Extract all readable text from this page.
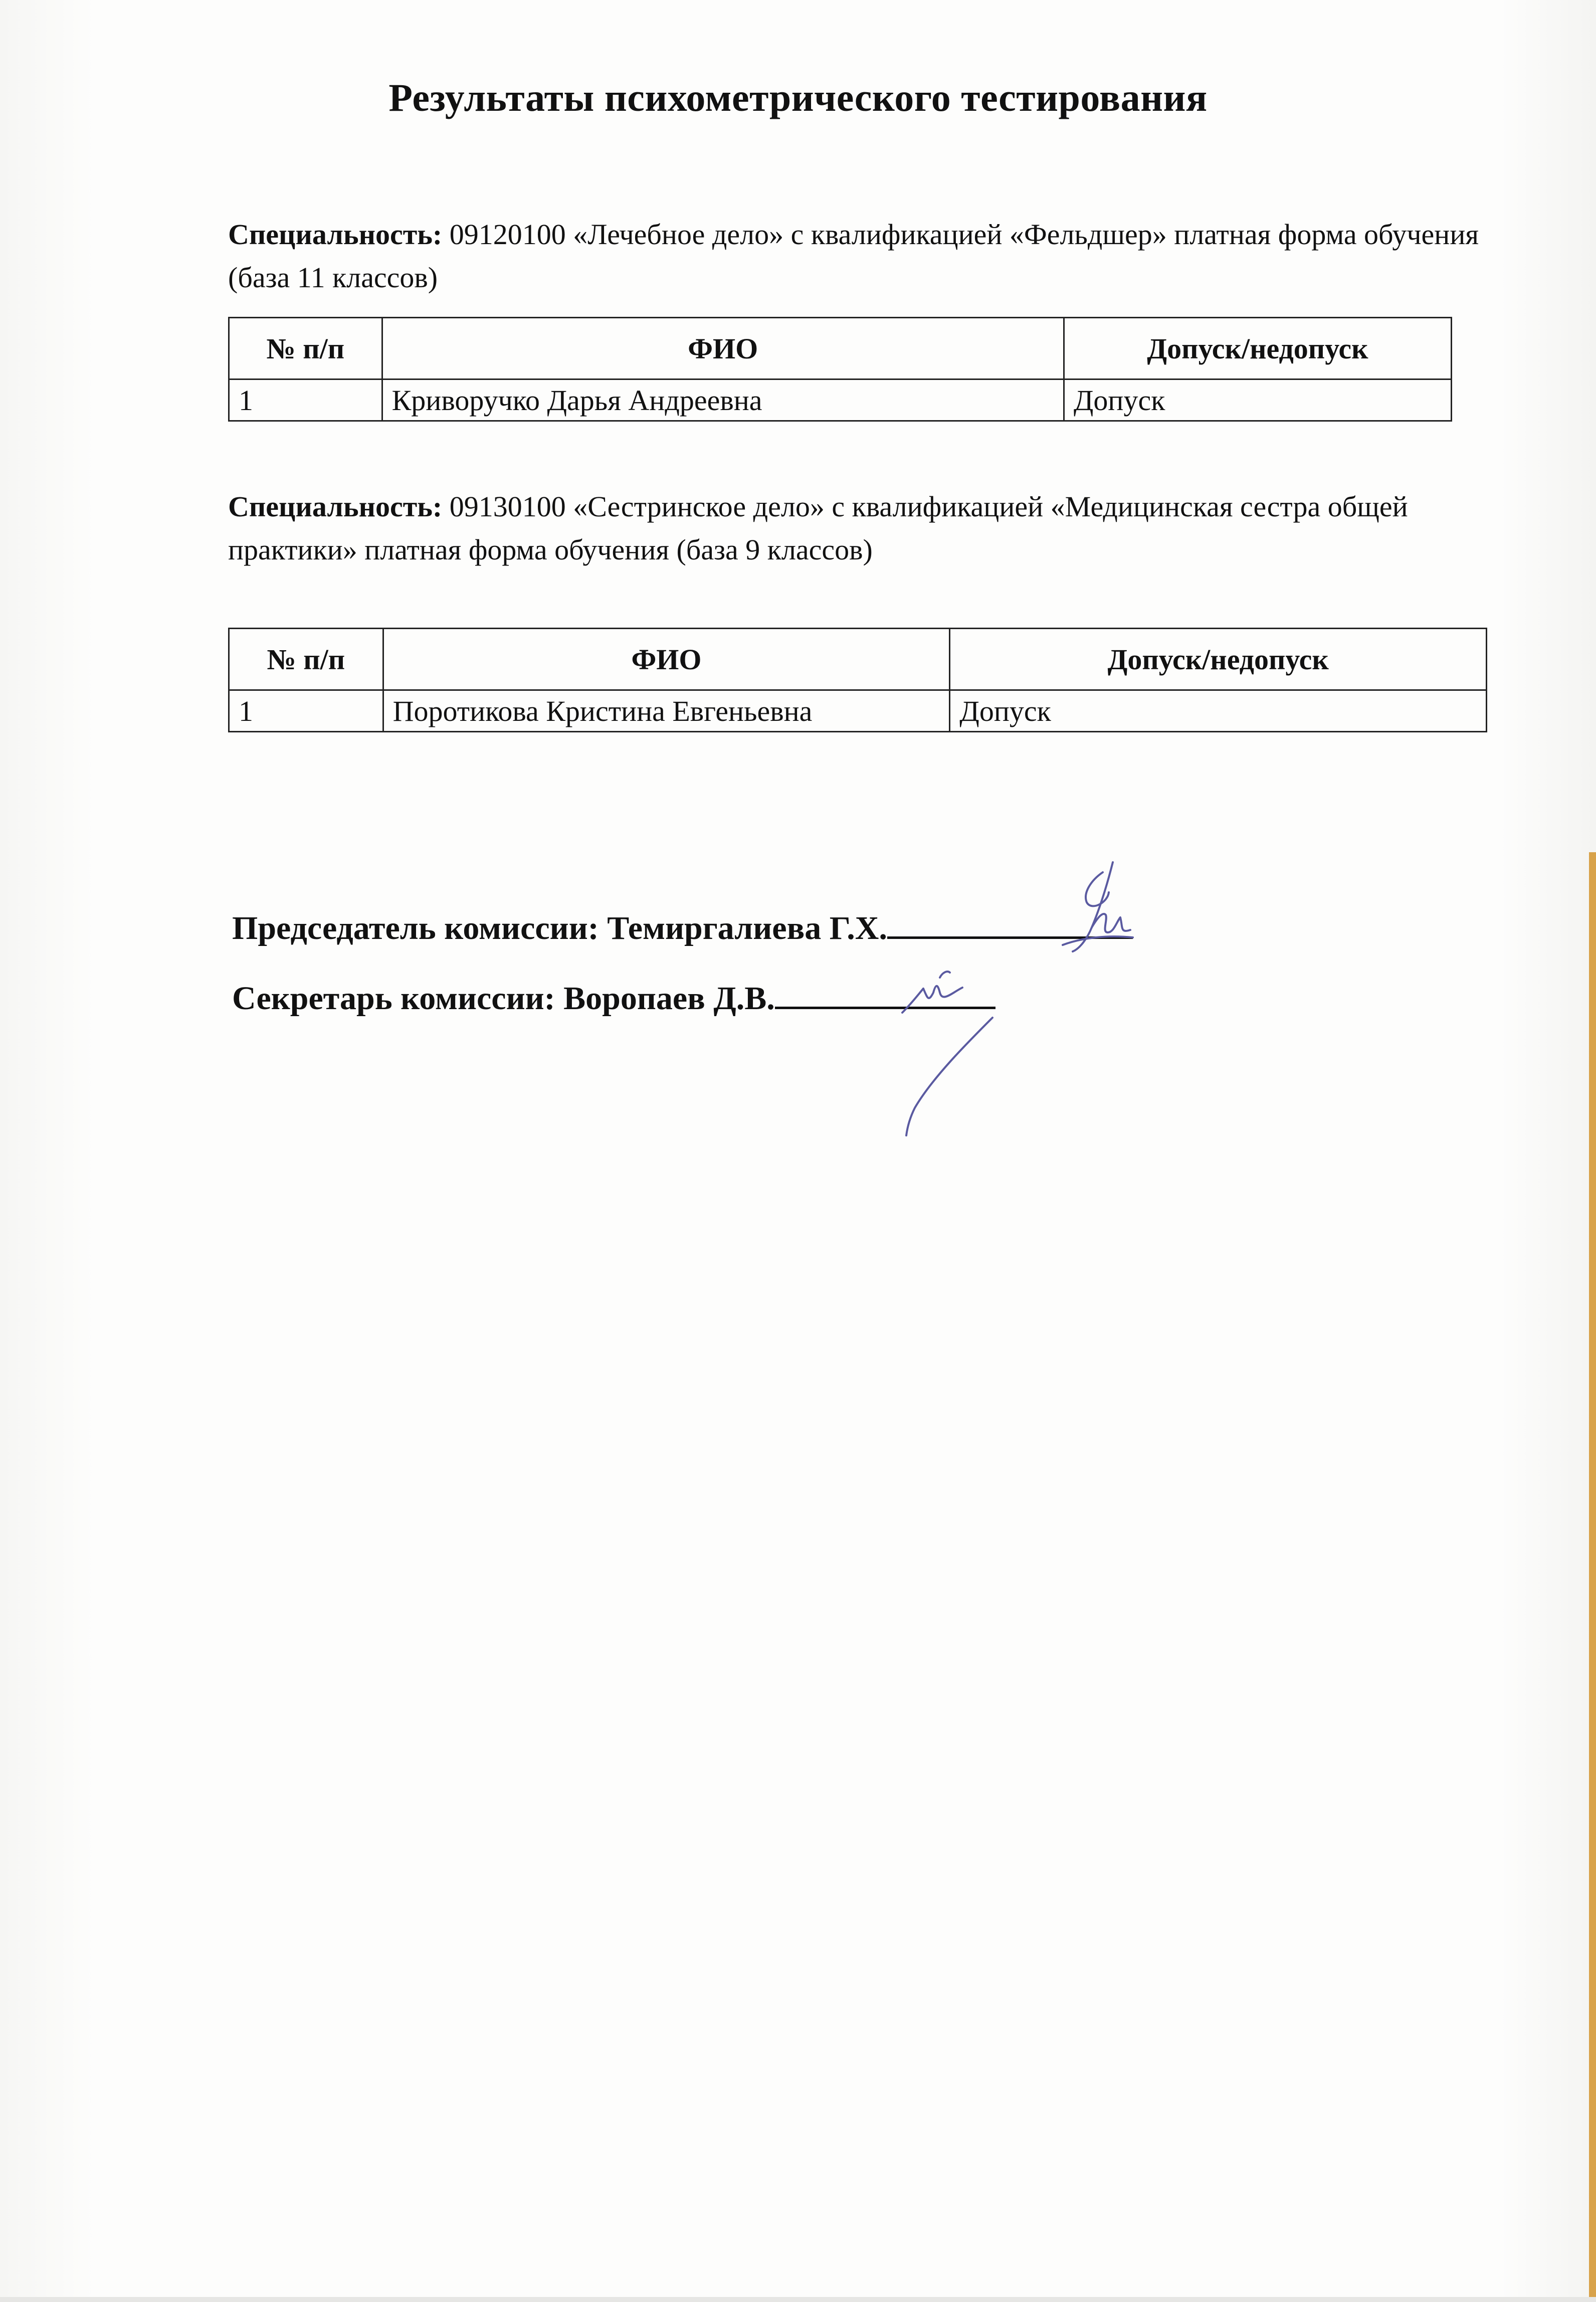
Результаты психометрического тестирования
Специальность: 09120100 «Лечебное дело» с квалификацией «Фельдшер» платная форма обучения (база 11 классов)
№ п/п	ФИО	Допуск/недопуск
1	Криворучко Дарья Андреевна	Допуск
Специальность: 09130100 «Сестринское дело» с квалификацией «Медицинская сестра общей практики» платная форма обучения (база 9 классов)
№ п/п	ФИО	Допуск/недопуск
1	Поротикова Кристина Евгеньевна	Допуск
Председатель комиссии: Темиргалиева Г.Х.
Секретарь комиссии: Воропаев Д.В.
